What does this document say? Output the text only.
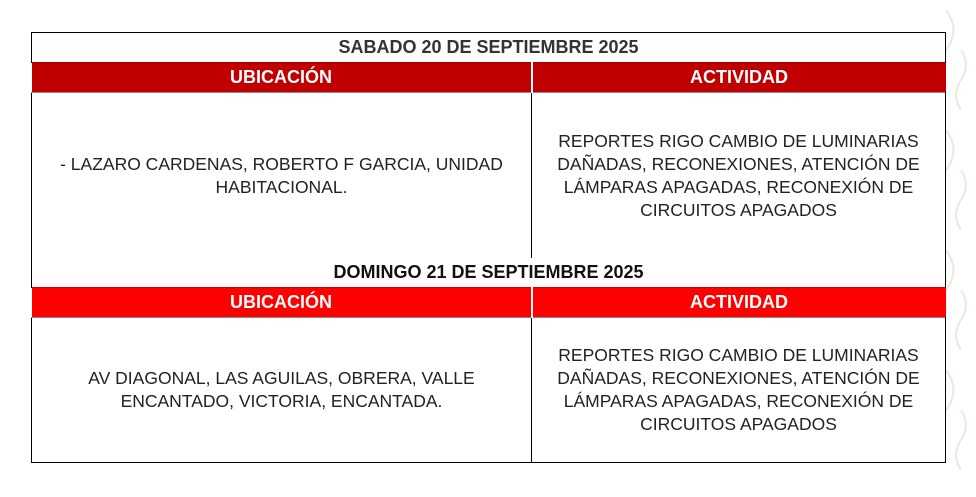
SABADO 20 DE SEPTIEMBRE 2025	
UBICACIÓN	ACTIVIDAD
- LAZARO CARDENAS, ROBERTO F GARCIA, UNIDAD HABITACIONAL.	REPORTES RIGO CAMBIO DE LUMINARIAS DAÑADAS, RECONEXIONES, ATENCIÓN DE LÁMPARAS APAGADAS, RECONEXIÓN DE CIRCUITOS APAGADOS
DOMINGO 21 DE SEPTIEMBRE 2025	
UBICACIÓN	ACTIVIDAD
AV DIAGONAL, LAS AGUILAS, OBRERA, VALLE ENCANTADO, VICTORIA, ENCANTADA.	REPORTES RIGO CAMBIO DE LUMINARIAS DAÑADAS, RECONEXIONES, ATENCIÓN DE LÁMPARAS APAGADAS, RECONEXIÓN DE CIRCUITOS APAGADOS
